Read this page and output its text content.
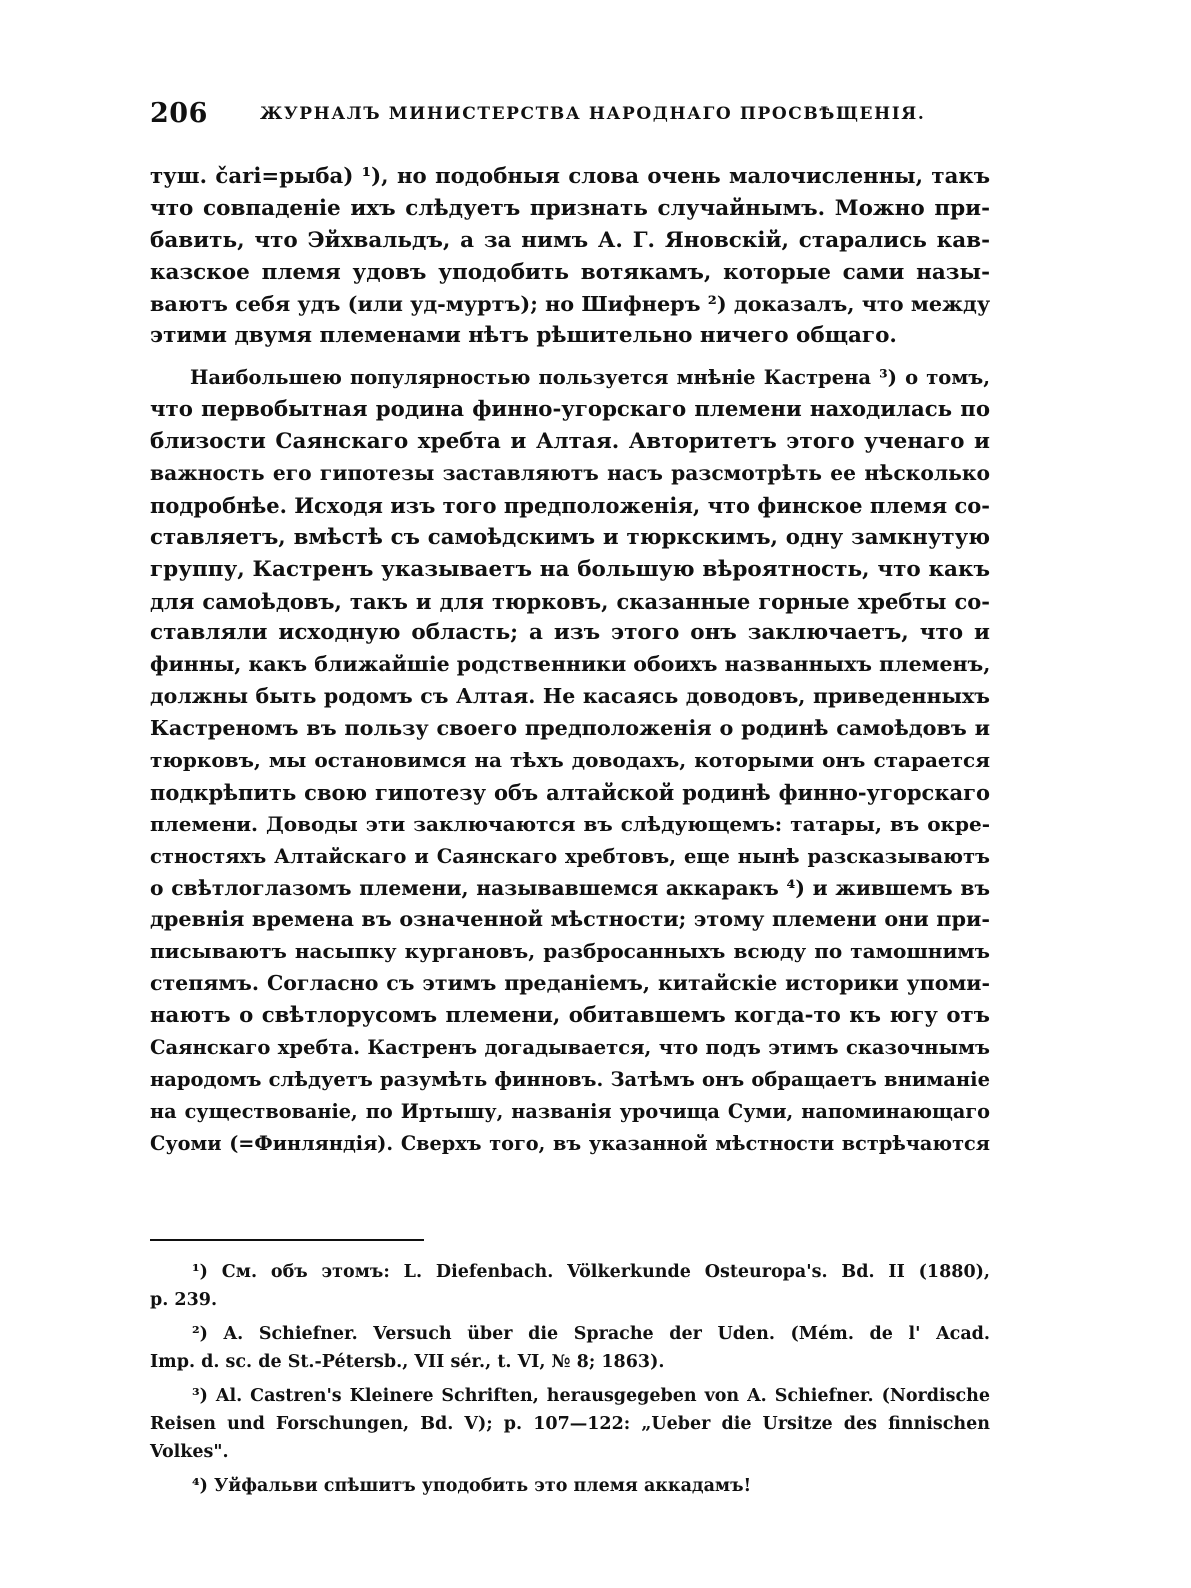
206	ЖУРНАЛЪ МИНИСТЕРСТВА НАРОДНАГО ПРОСВѢЩЕНІЯ.
туш. čari=рыба) ¹), но подобныя слова очень малочисленны, такъ
что совпаденіе ихъ слѣдуетъ признать случайнымъ. Можно при-
бавить, что Эйхвальдъ, а за нимъ А. Г. Яновскій, старались кав-
казское племя удовъ уподобить вотякамъ, которые сами назы-
ваютъ себя удъ (или уд-муртъ); но Шифнеръ ²) доказалъ, что между
этими двумя племенами нѣтъ рѣшительно ничего общаго.
Наибольшею популярностью пользуется мнѣніе Кастрена ³) о томъ,
что первобытная родина финно-угорскаго племени находилась по
близости Саянскаго хребта и Алтая. Авторитетъ этого ученаго и
важность его гипотезы заставляютъ насъ разсмотрѣть ее нѣсколько
подробнѣе. Исходя изъ того предположенія, что финское племя со-
ставляетъ, вмѣстѣ съ самоѣдскимъ и тюркскимъ, одну замкнутую
группу, Кастренъ указываетъ на большую вѣроятность, что какъ
для самоѣдовъ, такъ и для тюрковъ, сказанные горные хребты со-
ставляли исходную область; а изъ этого онъ заключаетъ, что и
финны, какъ ближайшіе родственники обоихъ названныхъ племенъ,
должны быть родомъ съ Алтая. Не касаясь доводовъ, приведенныхъ
Кастреномъ въ пользу своего предположенія о родинѣ самоѣдовъ и
тюрковъ, мы остановимся на тѣхъ доводахъ, которыми онъ старается
подкрѣпить свою гипотезу объ алтайской родинѣ финно-угорскаго
племени. Доводы эти заключаются въ слѣдующемъ: татары, въ окре-
стностяхъ Алтайскаго и Саянскаго хребтовъ, еще нынѣ разсказываютъ
о свѣтлоглазомъ племени, называвшемся аккаракъ ⁴) и жившемъ въ
древнія времена въ означенной мѣстности; этому племени они при-
писываютъ насыпку кургановъ, разбросанныхъ всюду по тамошнимъ
степямъ. Согласно съ этимъ преданіемъ, китайскіе историки упоми-
наютъ о свѣтлорусомъ племени, обитавшемъ когда-то къ югу отъ
Саянскаго хребта. Кастренъ догадывается, что подъ этимъ сказочнымъ
народомъ слѣдуетъ разумѣть финновъ. Затѣмъ онъ обращаетъ вниманіе
на существованіе, по Иртышу, названія урочища Суми, напоминающаго
Суоми (=Финляндія). Сверхъ того, въ указанной мѣстности встрѣчаются
¹) См. объ этомъ: L. Diefenbach. Völkerkunde Osteuropa's. Bd. II (1880),
p. 239.
²) A. Schiefner. Versuch über die Sprache der Uden. (Mém. de l' Acad.
Imp. d. sc. de St.-Pétersb., VII sér., t. VI, № 8; 1863).
³) Al. Castren's Kleinere Schriften, herausgegeben von A. Schiefner. (Nordische
Reisen und Forschungen, Bd. V); p. 107—122: „Ueber die Ursitze des finnischen
Volkes".
⁴) Уйфальви спѣшитъ уподобить это племя аккадамъ!
